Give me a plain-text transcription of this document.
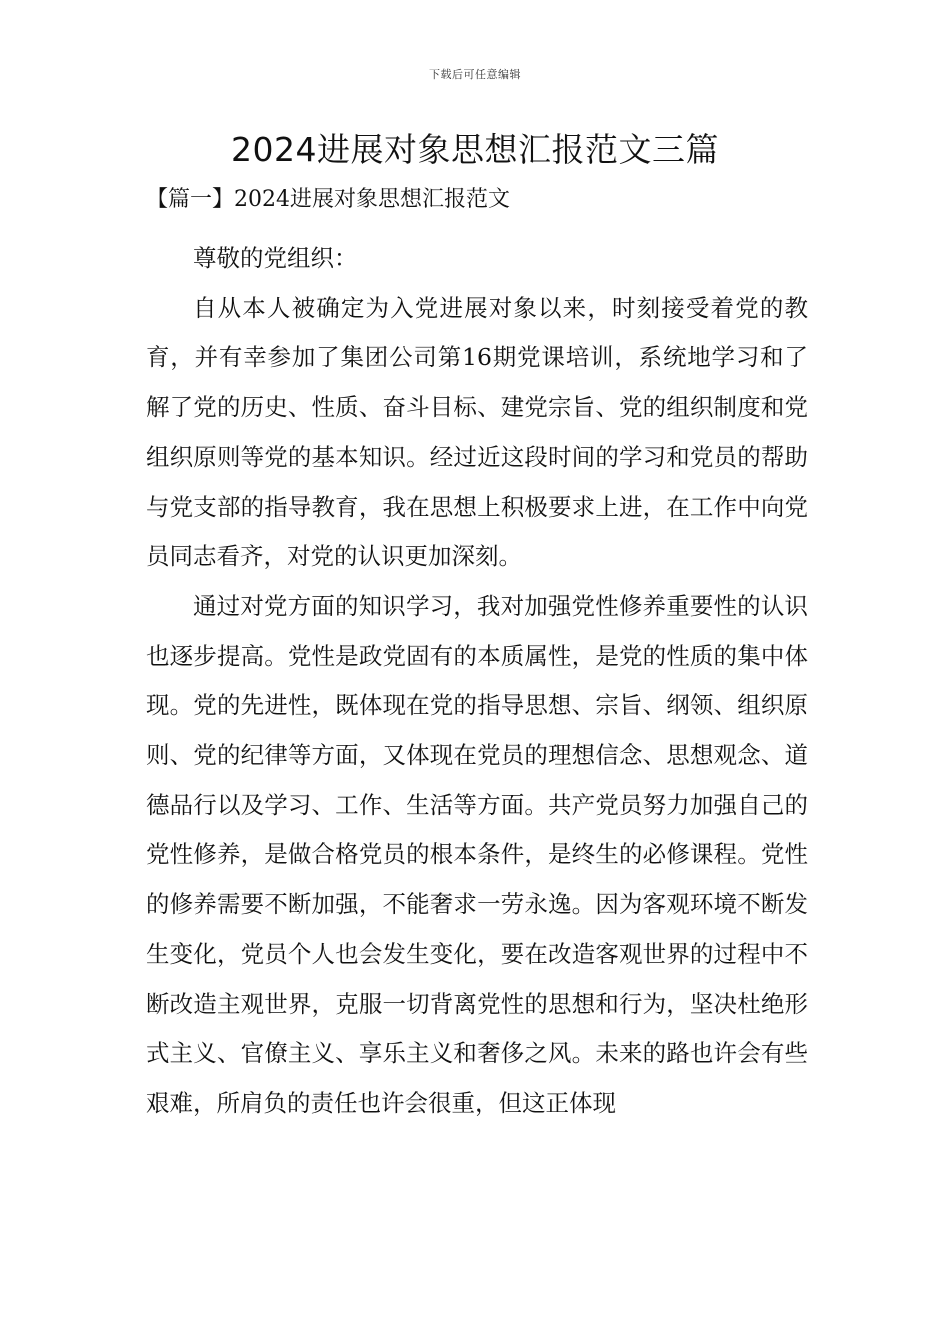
下载后可任意编辑
2024进展对象思想汇报范文三篇
【篇一】2024进展对象思想汇报范文

尊敬的党组织：

自从本人被确定为入党进展对象以来，时刻接受着党的教育，并有幸参加了集团公司第16期党课培训，系统地学习和了解了党的历史、性质、奋斗目标、建党宗旨、党的组织制度和党组织原则等党的基本知识。经过近这段时间的学习和党员的帮助与党支部的指导教育，我在思想上积极要求上进，在工作中向党员同志看齐，对党的认识更加深刻。

通过对党方面的知识学习，我对加强党性修养重要性的认识也逐步提高。党性是政党固有的本质属性，是党的性质的集中体现。党的先进性，既体现在党的指导思想、宗旨、纲领、组织原则、党的纪律等方面，又体现在党员的理想信念、思想观念、道德品行以及学习、工作、生活等方面。共产党员努力加强自己的党性修养，是做合格党员的根本条件，是终生的必修课程。党性的修养需要不断加强，不能奢求一劳永逸。因为客观环境不断发生变化，党员个人也会发生变化，要在改造客观世界的过程中不断改造主观世界，克服一切背离党性的思想和行为，坚决杜绝形式主义、官僚主义、享乐主义和奢侈之风。未来的路也许会有些艰难，所肩负的责任也许会很重，但这正体现
